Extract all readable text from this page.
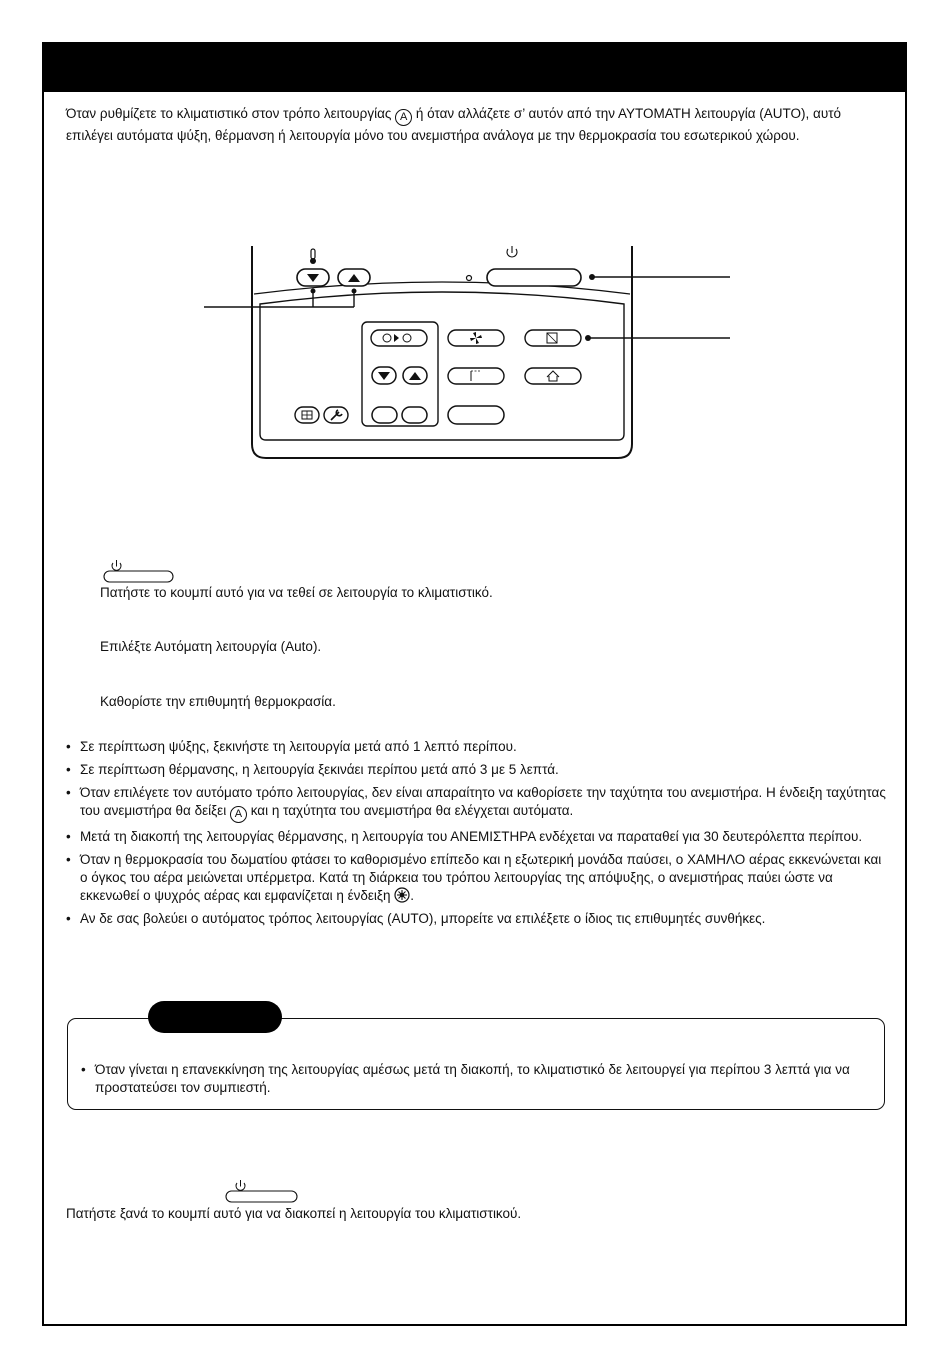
Όταν ρυθμίζετε το κλιματιστικό στον τρόπο λειτουργίας A ή όταν αλλάζετε σ’ αυτόν από την ΑΥΤΟΜΑΤΗ λειτουργία (AUTO), αυτό επιλέγει αυτόματα ψύξη, θέρμανση ή λειτουργία μόνο του ανεμιστήρα ανάλογα με την θερμοκρασία του εσωτερικού χώρου.
Πατήστε το κουμπί αυτό για να τεθεί σε λειτουργία το κλιματιστικό.
Επιλέξτε Αυτόματη λειτουργία (Auto).
Καθορίστε την επιθυμητή θερμοκρασία.
• Σε περίπτωση ψύξης, ξεκινήστε τη λειτουργία μετά από 1 λεπτό περίπου.
• Σε περίπτωση θέρμανσης, η λειτουργία ξεκινάει περίπου μετά από 3 με 5 λεπτά.
• Όταν επιλέγετε τον αυτόματο τρόπο λειτουργίας, δεν είναι απαραίτητο να καθορίσετε την ταχύτητα του ανεμιστήρα. Η ένδειξη ταχύτητας του ανεμιστήρα θα δείξει A και η ταχύτητα του ανεμιστήρα θα ελέγχεται αυτόματα.
• Μετά τη διακοπή της λειτουργίας θέρμανσης, η λειτουργία του ΑΝΕΜΙΣΤΗΡΑ ενδέχεται να παραταθεί για 30 δευτερόλεπτα περίπου.
• Όταν η θερμοκρασία του δωματίου φτάσει το καθορισμένο επίπεδο και η εξωτερική μονάδα παύσει, ο ΧΑΜΗΛΟ αέρας εκκενώνεται και ο όγκος του αέρα μειώνεται υπέρμετρα. Κατά τη διάρκεια του τρόπου λειτουργίας της απόψυξης, ο ανεμιστήρας παύει ώστε να εκκενωθεί ο ψυχρός αέρας και εμφανίζεται η ένδειξη .
• Αν δε σας βολεύει ο αυτόματος τρόπος λειτουργίας (AUTO), μπορείτε να επιλέξετε ο ίδιος τις επιθυμητές συνθήκες.
• Όταν γίνεται η επανεκκίνηση της λειτουργίας αμέσως μετά τη διακοπή, το κλιματιστικό δε λειτουργεί για περίπου 3 λεπτά για να προστατεύσει τον συμπιεστή.
Πατήστε ξανά το κουμπί αυτό για να διακοπεί η λειτουργία του κλιματιστικού.
